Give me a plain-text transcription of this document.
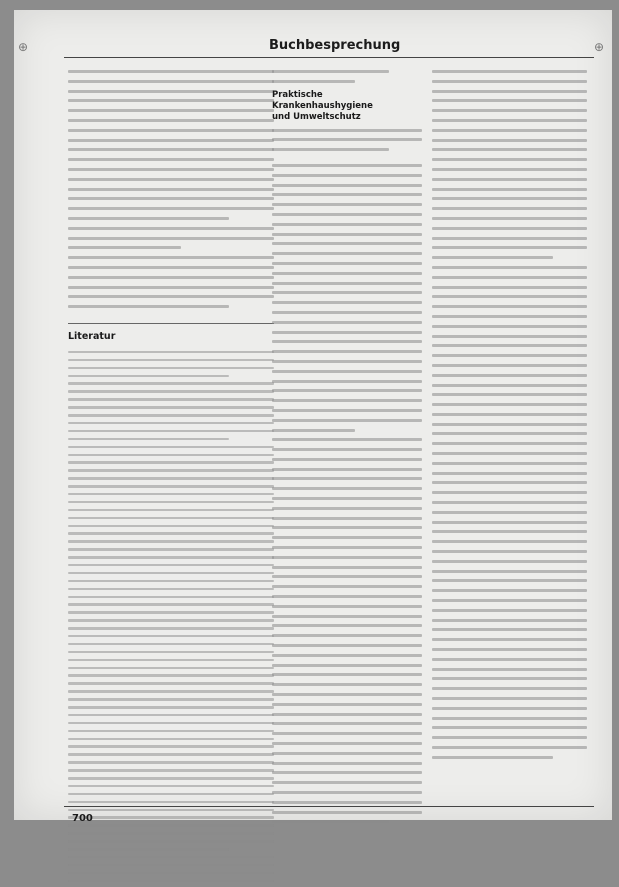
⊕	⊕
Buchbesprechung
Literatur
Praktische Krankenhaushygiene
und Umweltschutz
700
